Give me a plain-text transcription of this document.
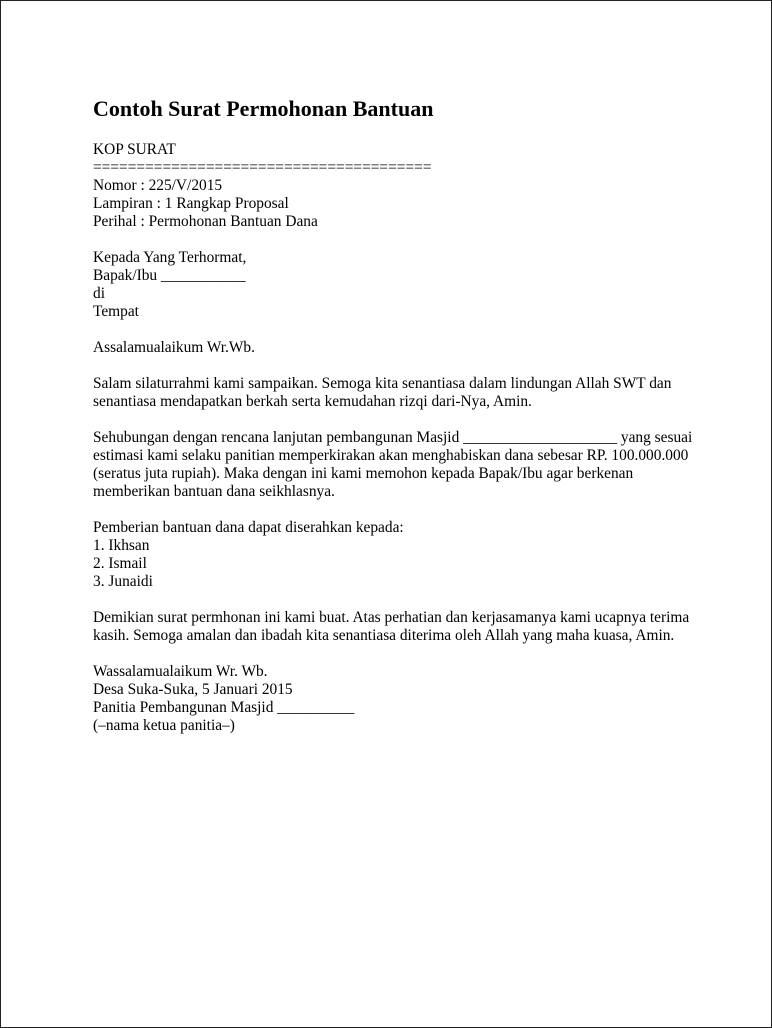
Contoh Surat Permohonan Bantuan
KOP SURAT
=======================================
Nomor : 225/V/2015
Lampiran : 1 Rangkap Proposal
Perihal : Permohonan Bantuan Dana
Kepada Yang Terhormat,
Bapak/Ibu ___________
di
Tempat
Assalamualaikum Wr.Wb.
Salam silaturrahmi kami sampaikan. Semoga kita senantiasa dalam lindungan Allah SWT dan
senantiasa mendapatkan berkah serta kemudahan rizqi dari-Nya, Amin.
Sehubungan dengan rencana lanjutan pembangunan Masjid ____________________ yang sesuai
estimasi kami selaku panitian memperkirakan akan menghabiskan dana sebesar RP. 100.000.000
(seratus juta rupiah). Maka dengan ini kami memohon kepada Bapak/Ibu agar berkenan
memberikan bantuan dana seikhlasnya.
Pemberian bantuan dana dapat diserahkan kepada:
1. Ikhsan
2. Ismail
3. Junaidi
Demikian surat permhonan ini kami buat. Atas perhatian dan kerjasamanya kami ucapnya terima
kasih. Semoga amalan dan ibadah kita senantiasa diterima oleh Allah yang maha kuasa, Amin.
Wassalamualaikum Wr. Wb.
Desa Suka-Suka, 5 Januari 2015
Panitia Pembangunan Masjid __________
(–nama ketua panitia–)
